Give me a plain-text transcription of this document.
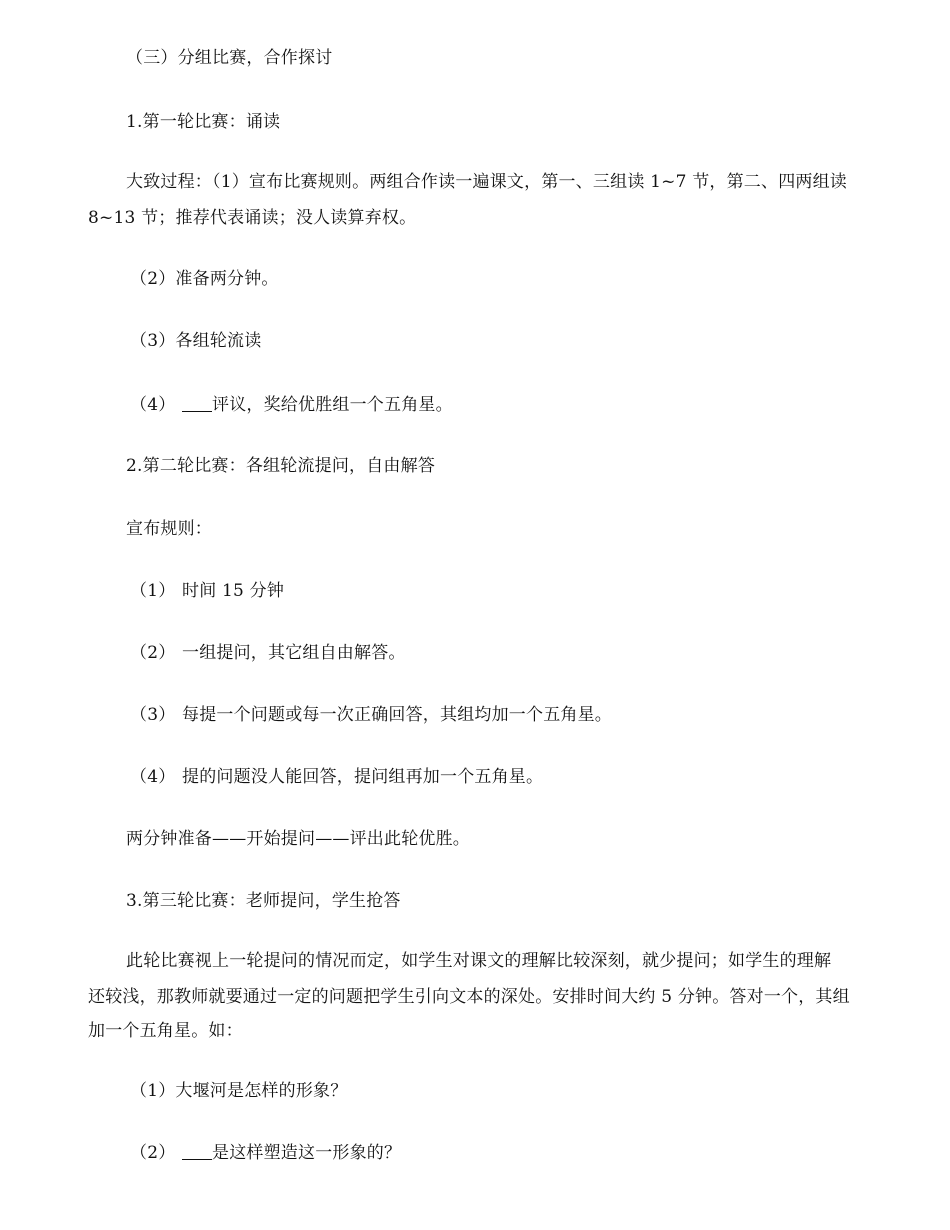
（三）分组比赛，合作探讨
1.第一轮比赛：诵读
大致过程：（1）宣布比赛规则。两组合作读一遍课文，第一、三组读 1~7 节，第二、四两组读
8~13 节；推荐代表诵读；没人读算弃权。
（2）准备两分钟。
（3）各组轮流读
（4） 评议，奖给优胜组一个五角星。
2.第二轮比赛：各组轮流提问，自由解答
宣布规则：
（1） 时间 15 分钟
（2） 一组提问，其它组自由解答。
（3） 每提一个问题或每一次正确回答，其组均加一个五角星。
（4） 提的问题没人能回答，提问组再加一个五角星。
两分钟准备——开始提问——评出此轮优胜。
3.第三轮比赛：老师提问，学生抢答
此轮比赛视上一轮提问的情况而定，如学生对课文的理解比较深刻，就少提问；如学生的理解
还较浅，那教师就要通过一定的问题把学生引向文本的深处。安排时间大约 5 分钟。答对一个，其组
加一个五角星。如：
（1）大堰河是怎样的形象？
（2） 是这样塑造这一形象的？
